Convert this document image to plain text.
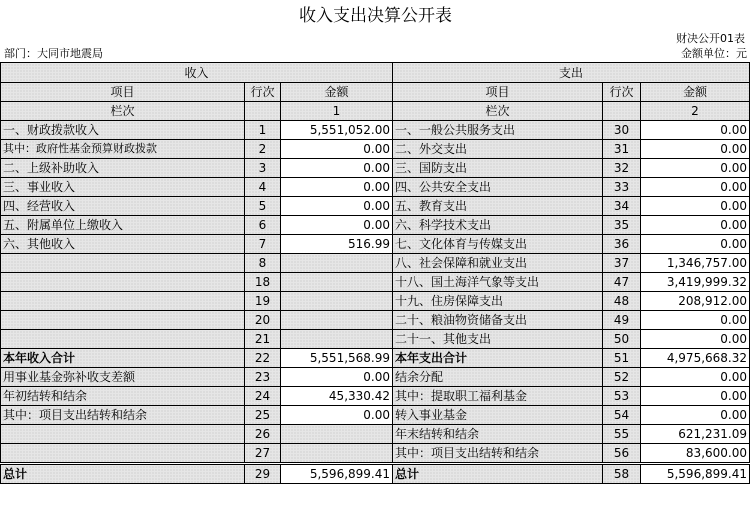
收入支出决算公开表
财决公开01表
部门：大同市地震局	金额单位：元
收入			支出		
项目	行次	金额	项目	行次	金额
栏次		1	栏次		2
一、财政拨款收入	1	5,551,052.00	一、一般公共服务支出	30	0.00
其中：政府性基金预算财政拨款	2	0.00	二、外交支出	31	0.00
二、上级补助收入	3	0.00	三、国防支出	32	0.00
三、事业收入	4	0.00	四、公共安全支出	33	0.00
四、经营收入	5	0.00	五、教育支出	34	0.00
五、附属单位上缴收入	6	0.00	六、科学技术支出	35	0.00
六、其他收入	7	516.99	七、文化体育与传媒支出	36	0.00
	8		八、社会保障和就业支出	37	1,346,757.00
	18		十八、国土海洋气象等支出	47	3,419,999.32
	19		十九、住房保障支出	48	208,912.00
	20		二十、粮油物资储备支出	49	0.00
	21		二十一、其他支出	50	0.00
本年收入合计	22	5,551,568.99	本年支出合计	51	4,975,668.32
用事业基金弥补收支差额	23	0.00	结余分配	52	0.00
年初结转和结余	24	45,330.42	其中：提取职工福利基金	53	0.00
其中：项目支出结转和结余	25	0.00	转入事业基金	54	0.00
	26		年末结转和结余	55	621,231.09
	27		其中：项目支出结转和结余	56	83,600.00
总计	29	5,596,899.41	总计	58	5,596,899.41
